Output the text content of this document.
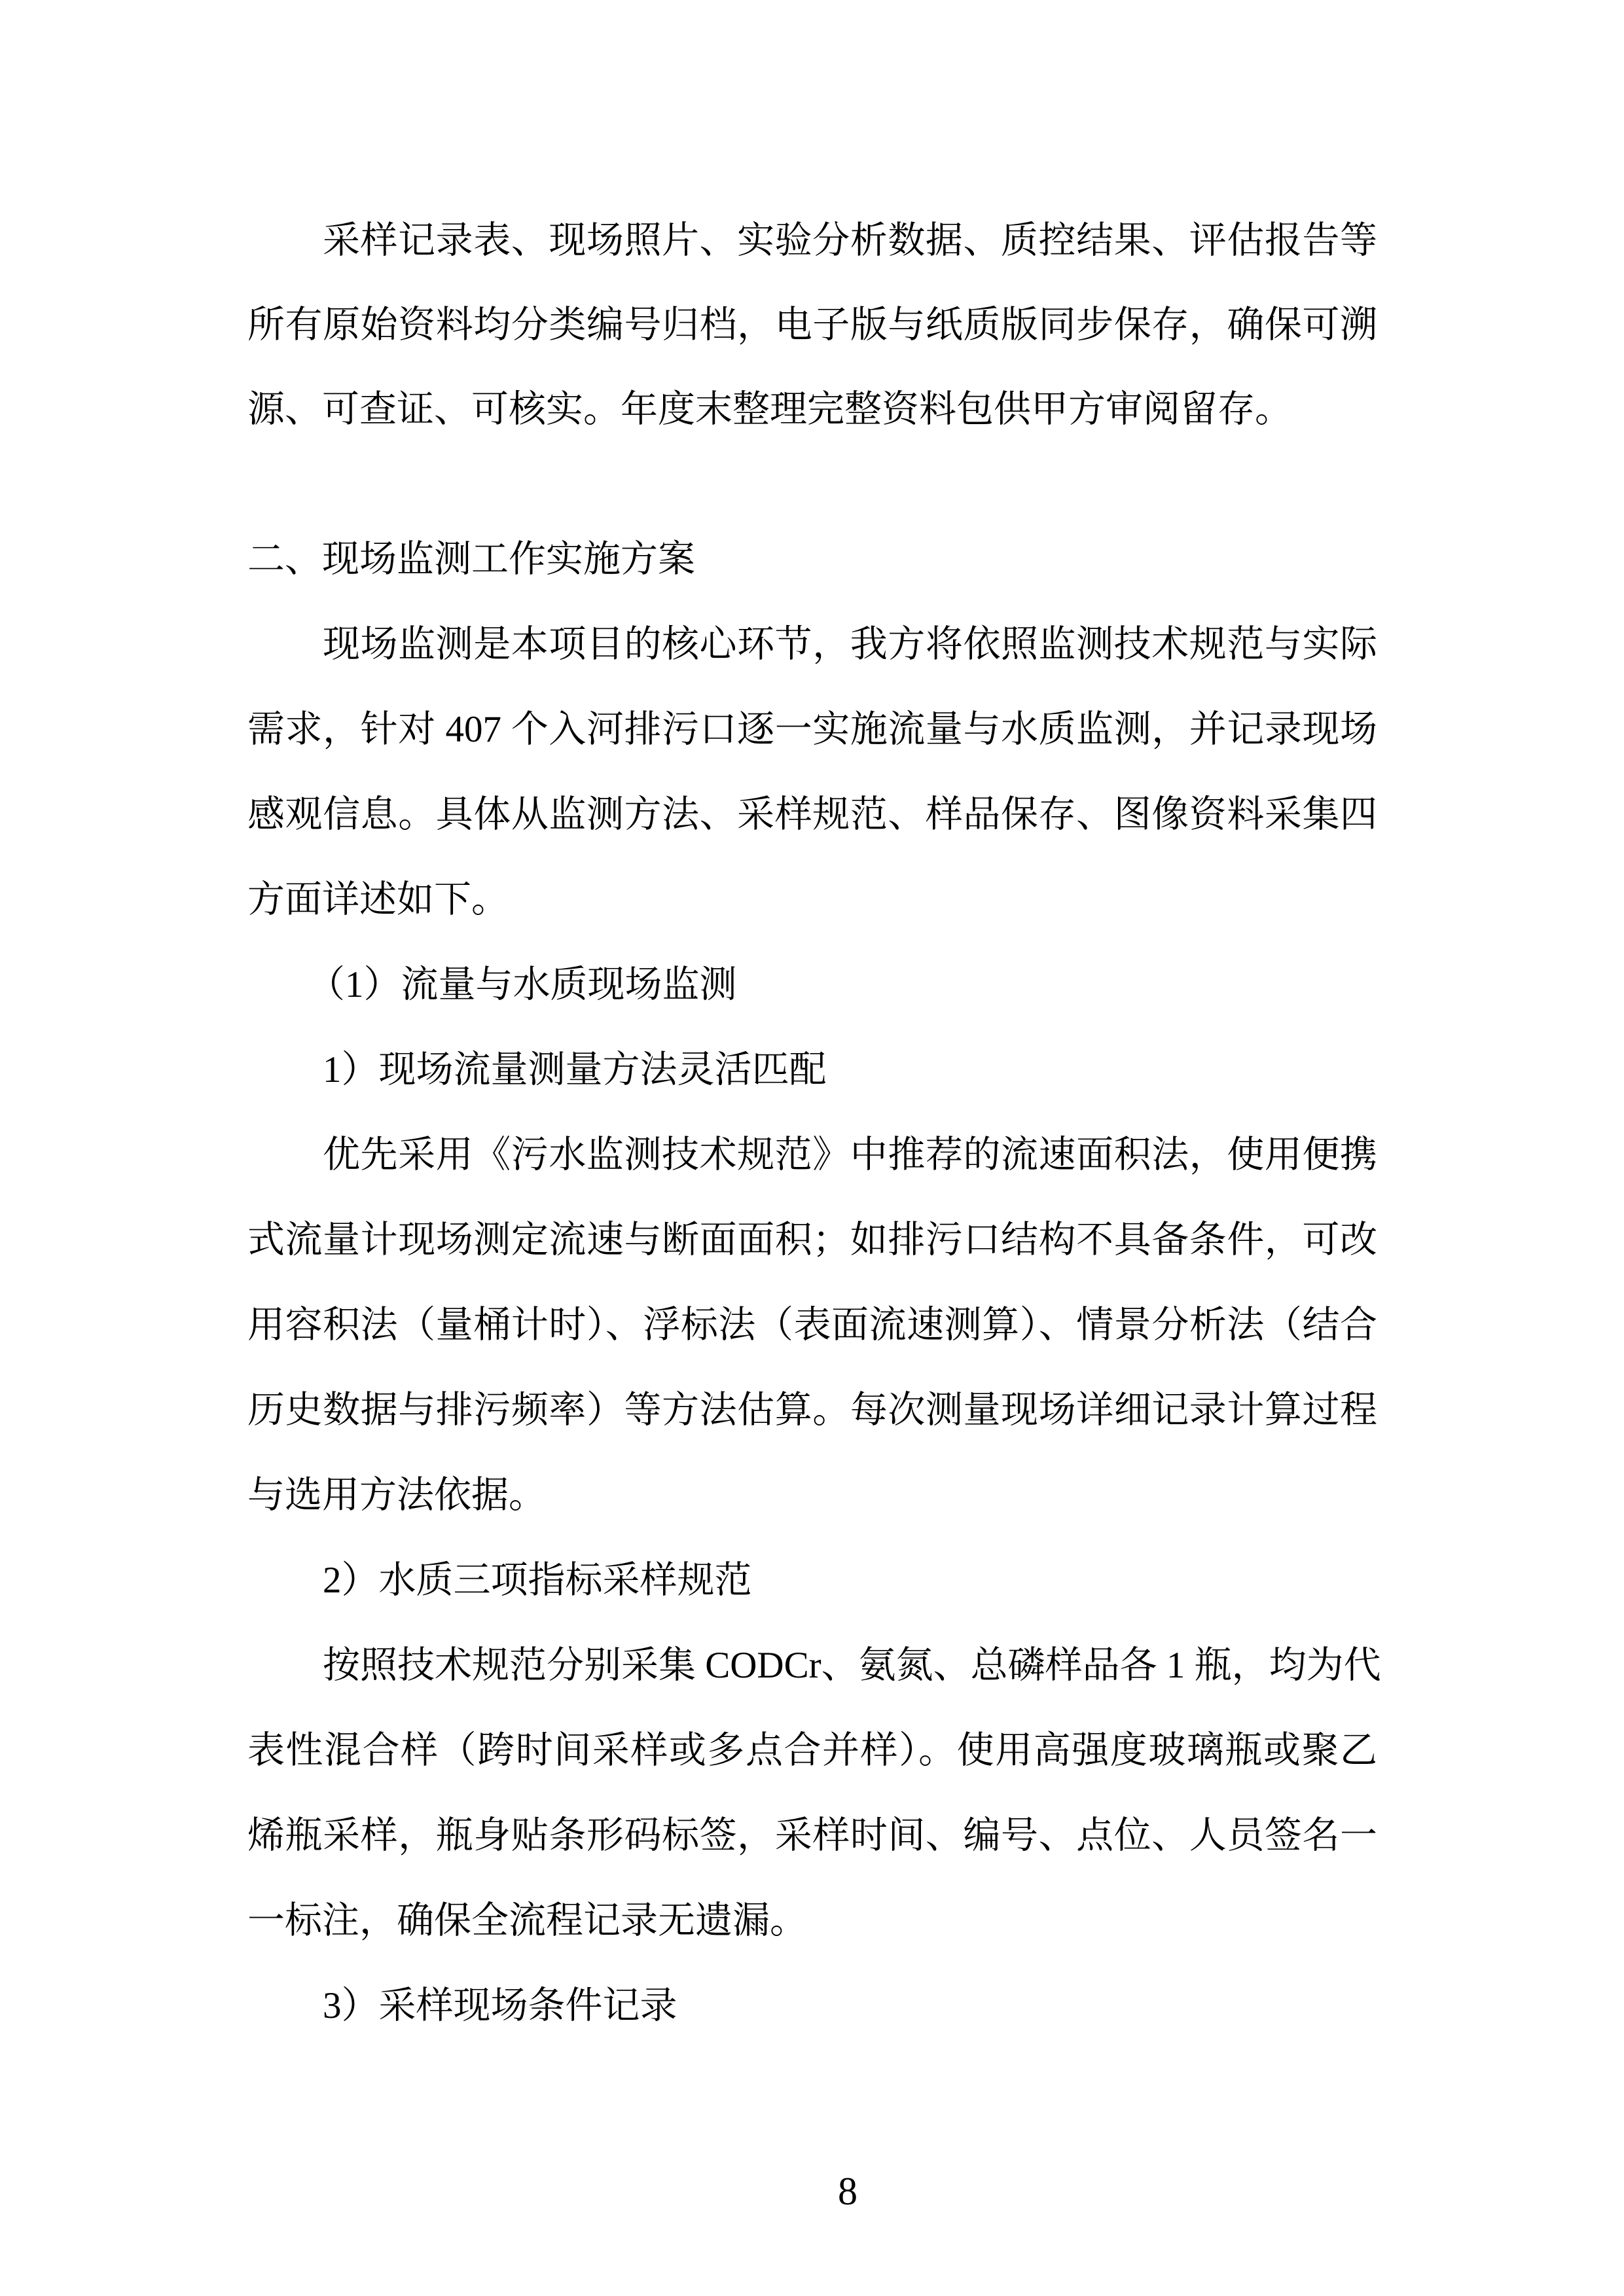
采样记录表、现场照片、实验分析数据、质控结果、评估报告等
所有原始资料均分类编号归档，电子版与纸质版同步保存，确保可溯
源、可查证、可核实。年度末整理完整资料包供甲方审阅留存。
二、现场监测工作实施方案
现场监测是本项目的核心环节，我方将依照监测技术规范与实际
需求，针对 407 个入河排污口逐一实施流量与水质监测，并记录现场
感观信息。具体从监测方法、采样规范、样品保存、图像资料采集四
方面详述如下。
（1）流量与水质现场监测
1）现场流量测量方法灵活匹配
优先采用《污水监测技术规范》中推荐的流速面积法，使用便携
式流量计现场测定流速与断面面积；如排污口结构不具备条件，可改
用容积法（量桶计时）、浮标法（表面流速测算）、情景分析法（结合
历史数据与排污频率）等方法估算。每次测量现场详细记录计算过程
与选用方法依据。
2）水质三项指标采样规范
按照技术规范分别采集 CODCr、氨氮、总磷样品各 1 瓶，均为代
表性混合样（跨时间采样或多点合并样）。使用高强度玻璃瓶或聚乙
烯瓶采样，瓶身贴条形码标签，采样时间、编号、点位、人员签名一
一标注，确保全流程记录无遗漏。
3）采样现场条件记录
8
